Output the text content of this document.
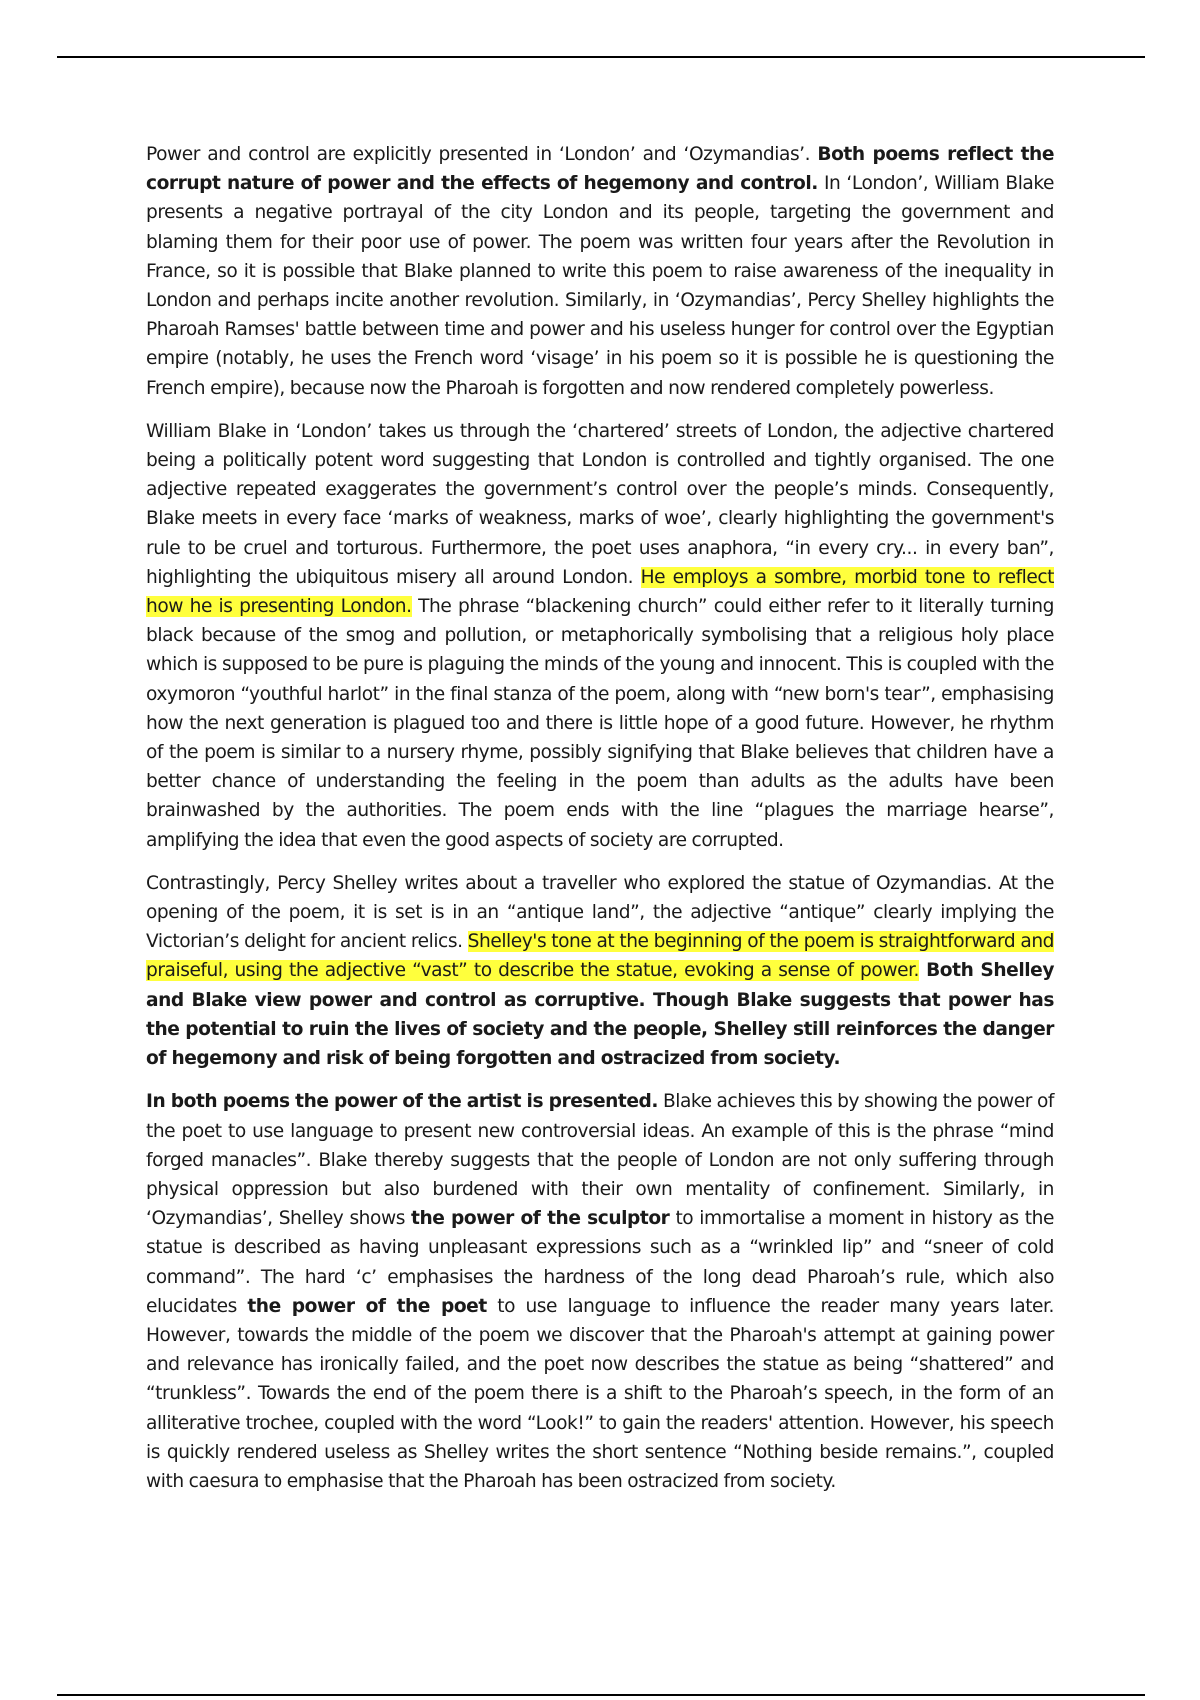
Power and control are explicitly presented in ‘London’ and ‘Ozymandias’. Both poems reflect the corrupt nature of power and the effects of hegemony and control. In ‘London’, William Blake presents a negative portrayal of the city London and its people, targeting the government and blaming them for their poor use of power. The poem was written four years after the Revolution in France, so it is possible that Blake planned to write this poem to raise awareness of the inequality in London and perhaps incite another revolution. Similarly, in ‘Ozymandias’, Percy Shelley highlights the Pharoah Ramses' battle between time and power and his useless hunger for control over the Egyptian empire (notably, he uses the French word ‘visage’ in his poem so it is possible he is questioning the French empire), because now the Pharoah is forgotten and now rendered completely powerless.

William Blake in ‘London’ takes us through the ‘chartered’ streets of London, the adjective chartered being a politically potent word suggesting that London is controlled and tightly organised. The one adjective repeated exaggerates the government’s control over the people’s minds. Consequently, Blake meets in every face ‘marks of weakness, marks of woe’, clearly highlighting the government's rule to be cruel and torturous. Furthermore, the poet uses anaphora, “in every cry... in every ban”, highlighting the ubiquitous misery all around London. He employs a sombre, morbid tone to reflect how he is presenting London. The phrase “blackening church” could either refer to it literally turning black because of the smog and pollution, or metaphorically symbolising that a religious holy place which is supposed to be pure is plaguing the minds of the young and innocent. This is coupled with the oxymoron “youthful harlot” in the final stanza of the poem, along with “new born's tear”, emphasising how the next generation is plagued too and there is little hope of a good future. However, he rhythm of the poem is similar to a nursery rhyme, possibly signifying that Blake believes that children have a better chance of understanding the feeling in the poem than adults as the adults have been brainwashed by the authorities. The poem ends with the line “plagues the marriage hearse”, amplifying the idea that even the good aspects of society are corrupted.

Contrastingly, Percy Shelley writes about a traveller who explored the statue of Ozymandias. At the opening of the poem, it is set is in an “antique land”, the adjective “antique” clearly implying the Victorian’s delight for ancient relics. Shelley's tone at the beginning of the poem is straightforward and praiseful, using the adjective “vast” to describe the statue, evoking a sense of power. Both Shelley and Blake view power and control as corruptive. Though Blake suggests that power has the potential to ruin the lives of society and the people, Shelley still reinforces the danger of hegemony and risk of being forgotten and ostracized from society.

In both poems the power of the artist is presented. Blake achieves this by showing the power of the poet to use language to present new controversial ideas. An example of this is the phrase “mind forged manacles”. Blake thereby suggests that the people of London are not only suffering through physical oppression but also burdened with their own mentality of confinement. Similarly, in ‘Ozymandias’, Shelley shows the power of the sculptor to immortalise a moment in history as the statue is described as having unpleasant expressions such as a “wrinkled lip” and “sneer of cold command”. The hard ‘c’ emphasises the hardness of the long dead Pharoah’s rule, which also elucidates the power of the poet to use language to influence the reader many years later. However, towards the middle of the poem we discover that the Pharoah's attempt at gaining power and relevance has ironically failed, and the poet now describes the statue as being “shattered” and “trunkless”. Towards the end of the poem there is a shift to the Pharoah’s speech, in the form of an alliterative trochee, coupled with the word “Look!” to gain the readers' attention. However, his speech is quickly rendered useless as Shelley writes the short sentence “Nothing beside remains.”, coupled with caesura to emphasise that the Pharoah has been ostracized from society.
